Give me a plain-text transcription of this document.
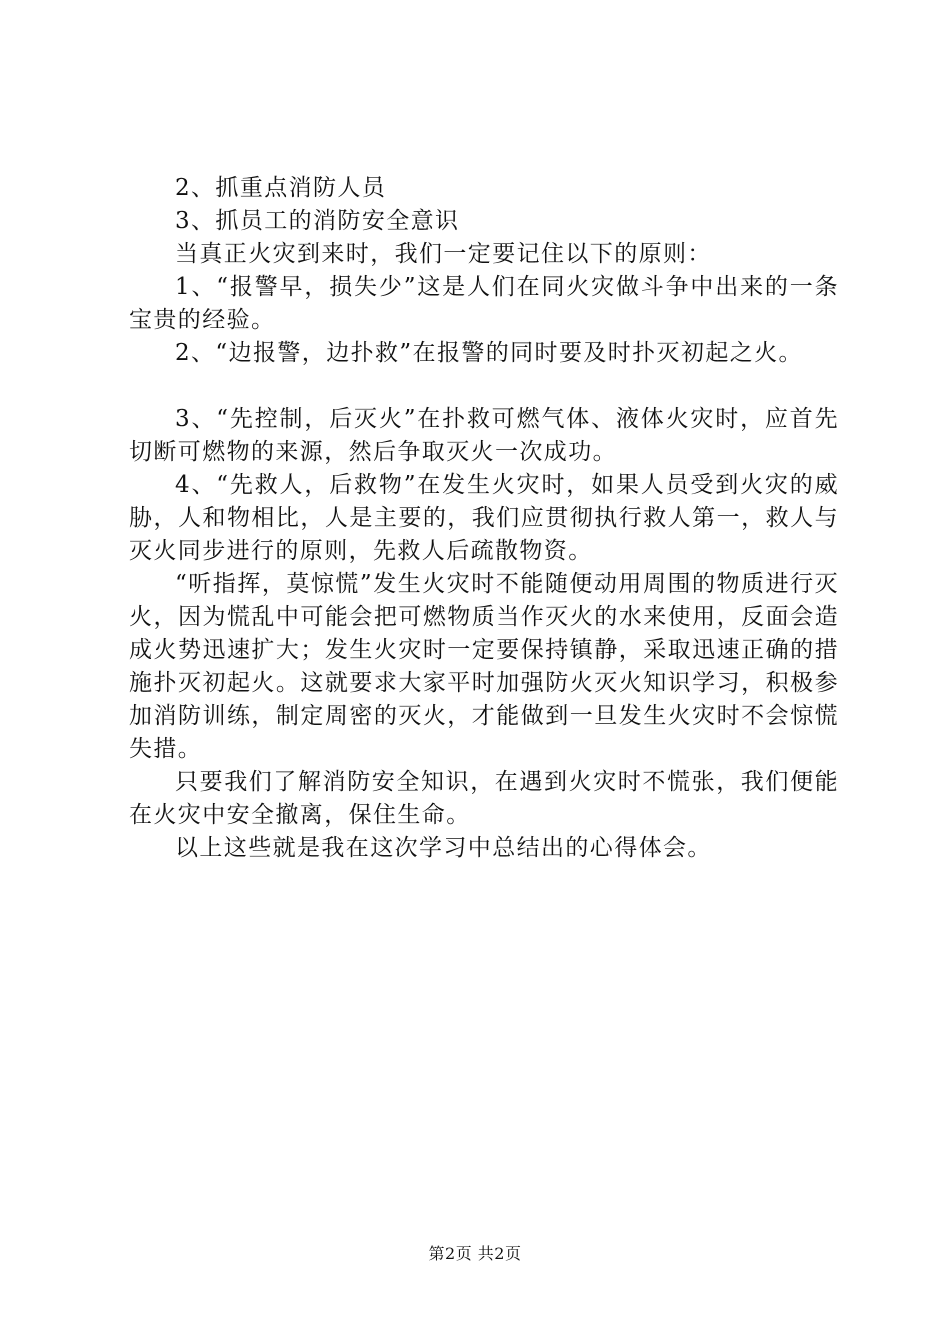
2、抓重点消防人员

3、抓员工的消防安全意识

当真正火灾到来时，我们一定要记住以下的原则：

1、“报警早，损失少”这是人们在同火灾做斗争中出来的一条宝贵的经验。

2、“边报警，边扑救”在报警的同时要及时扑灭初起之火。

3、“先控制，后灭火”在扑救可燃气体、液体火灾时，应首先切断可燃物的来源，然后争取灭火一次成功。

4、“先救人，后救物”在发生火灾时，如果人员受到火灾的威胁，人和物相比，人是主要的，我们应贯彻执行救人第一，救人与灭火同步进行的原则，先救人后疏散物资。

“听指挥，莫惊慌”发生火灾时不能随便动用周围的物质进行灭火，因为慌乱中可能会把可燃物质当作灭火的水来使用，反面会造成火势迅速扩大；发生火灾时一定要保持镇静，采取迅速正确的措施扑灭初起火。这就要求大家平时加强防火灭火知识学习，积极参加消防训练，制定周密的灭火，才能做到一旦发生火灾时不会惊慌失措。

只要我们了解消防安全知识，在遇到火灾时不慌张，我们便能在火灾中安全撤离，保住生命。

以上这些就是我在这次学习中总结出的心得体会。

第2页 共2页
